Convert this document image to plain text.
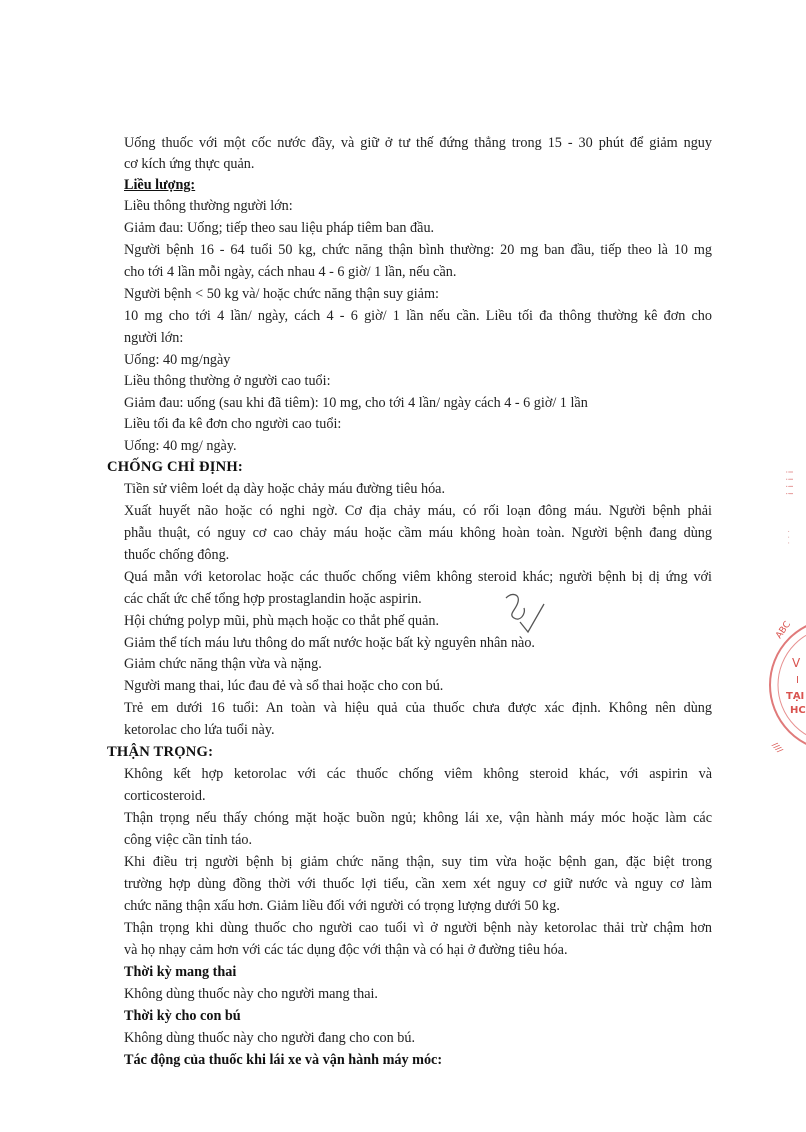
Uống thuốc với một cốc nước đầy, và giữ ở tư thế đứng thẳng trong 15 - 30 phút để giảm nguy
cơ kích ứng thực quản.
Liều lượng:
Liều thông thường người lớn:
Giảm đau: Uống; tiếp theo sau liệu pháp tiêm ban đầu.
Người bệnh 16 - 64 tuổi 50 kg, chức năng thận bình thường: 20 mg ban đầu, tiếp theo là 10 mg
cho tới 4 lần mỗi ngày, cách nhau 4 - 6 giờ/ 1 lần, nếu cần.
Người bệnh < 50 kg và/ hoặc chức năng thận suy giảm:
10 mg cho tới 4 lần/ ngày, cách 4 - 6 giờ/ 1 lần nếu cần. Liều tối đa thông thường kê đơn cho
người lớn:
Uống: 40 mg/ngày
Liều thông thường ở người cao tuổi:
Giảm đau: uống (sau khi đã tiêm): 10 mg, cho tới 4 lần/ ngày cách 4 - 6 giờ/ 1 lần
Liều tối đa kê đơn cho người cao tuổi:
Uống: 40 mg/ ngày.
CHỐNG CHỈ ĐỊNH:
Tiền sử viêm loét dạ dày hoặc chảy máu đường tiêu hóa.
Xuất huyết não hoặc có nghi ngờ. Cơ địa chảy máu, có rối loạn đông máu. Người bệnh phải
phẫu thuật, có nguy cơ cao chảy máu hoặc cầm máu không hoàn toàn. Người bệnh đang dùng
thuốc chống đông.
Quá mẫn với ketorolac hoặc các thuốc chống viêm không steroid khác; người bệnh bị dị ứng với
các chất ức chế tổng hợp prostaglandin hoặc aspirin.
Hội chứng polyp mũi, phù mạch hoặc co thắt phế quản.
Giảm thể tích máu lưu thông do mất nước hoặc bất kỳ nguyên nhân nào.
Giảm chức năng thận vừa và nặng.
Người mang thai, lúc đau đẻ và sổ thai hoặc cho con bú.
Trẻ em dưới 16 tuổi: An toàn và hiệu quả của thuốc chưa được xác định. Không nên dùng
ketorolac cho lứa tuổi này.
THẬN TRỌNG:
Không kết hợp ketorolac với các thuốc chống viêm không steroid khác, với aspirin và
corticosteroid.
Thận trọng nếu thấy chóng mặt hoặc buồn ngủ; không lái xe, vận hành máy móc hoặc làm các
công việc cần tỉnh táo.
Khi điều trị người bệnh bị giảm chức năng thận, suy tim vừa hoặc bệnh gan, đặc biệt trong
trường hợp dùng đồng thời với thuốc lợi tiểu, cần xem xét nguy cơ giữ nước và nguy cơ làm
chức năng thận xấu hơn. Giảm liều đối với người có trọng lượng dưới 50 kg.
Thận trọng khi dùng thuốc cho người cao tuổi vì ở người bệnh này ketorolac thải trừ chậm hơn
và họ nhạy cảm hơn với các tác dụng độc với thận và có hại ở đường tiêu hóa.
Thời kỳ mang thai
Không dùng thuốc này cho người mang thai.
Thời kỳ cho con bú
Không dùng thuốc này cho người đang cho con bú.
Tác động của thuốc khi lái xe và vận hành máy móc:
! ! ! !
. . .
ABC
V
I
TẠI
HC
////
